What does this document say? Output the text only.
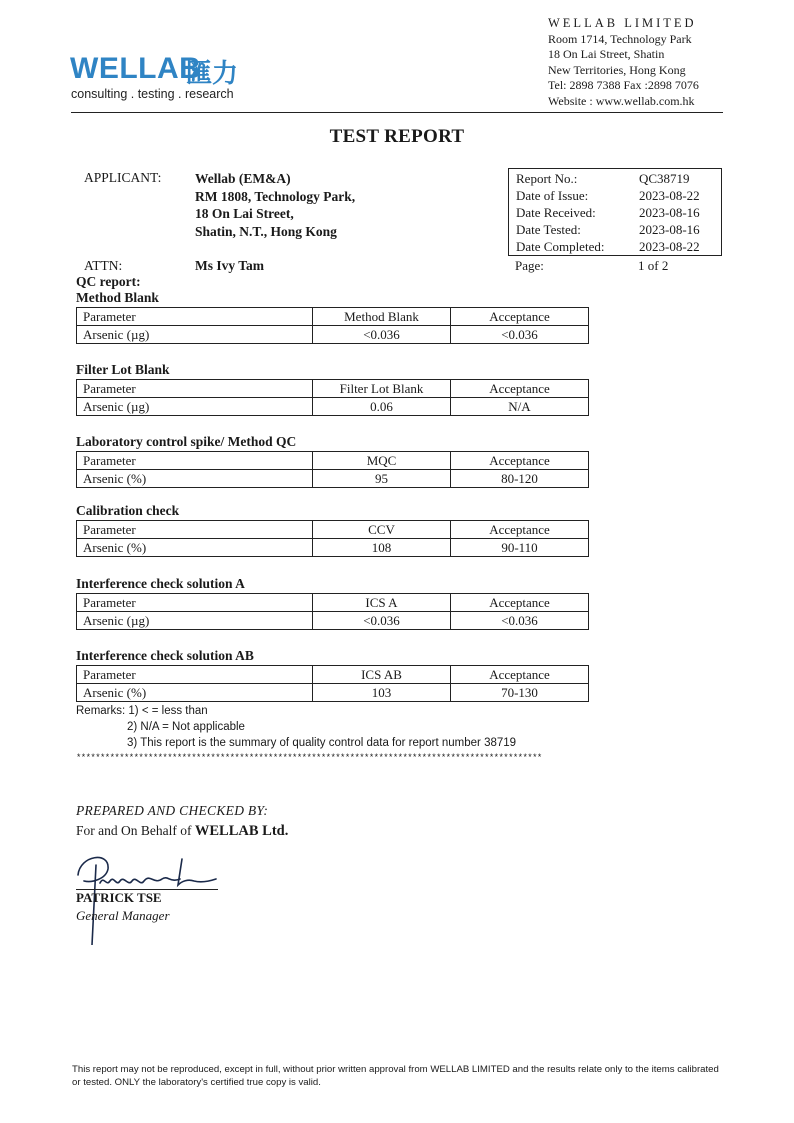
WELLAB
匯力
consulting . testing . research
WELLAB LIMITED
Room 1714, Technology Park
18 On Lai Street, Shatin
New Territories, Hong Kong
Tel: 2898 7388 Fax :2898 7076
Website : www.wellab.com.hk
TEST REPORT
APPLICANT: Wellab (EM&A)
RM 1808, Technology Park,
18 On Lai Street,
Shatin, N.T., Hong Kong
ATTN:	Ms Ivy Tam
Report No.:	QC38719
Date of Issue:	2023-08-22
Date Received:	2023-08-16
Date Tested:	2023-08-16
Date Completed:	2023-08-22
Page:	1 of 2
QC report:
Method Blank
Parameter	Method Blank	Acceptance
Arsenic (µg)	<0.036	<0.036
Filter Lot Blank
Parameter	Filter Lot Blank	Acceptance
Arsenic (µg)	0.06	N/A
Laboratory control spike/ Method QC
Parameter	MQC	Acceptance
Arsenic (%)	95	80-120
Calibration check
Parameter	CCV	Acceptance
Arsenic (%)	108	90-110
Interference check solution A
Parameter	ICS A	Acceptance
Arsenic (µg)	<0.036	<0.036
Interference check solution AB
Parameter	ICS AB	Acceptance
Arsenic (%)	103	70-130
Remarks: 1) < = less than
2) N/A = Not applicable
3) This report is the summary of quality control data for report number 38719
*************************************************************************************************
PREPARED AND CHECKED BY:
For and On Behalf of WELLAB Ltd.
PATRICK TSE
General Manager
This report may not be reproduced, except in full, without prior written approval from WELLAB LIMITED and the results relate only to the items calibrated or tested. ONLY the laboratory's certified true copy is valid.
